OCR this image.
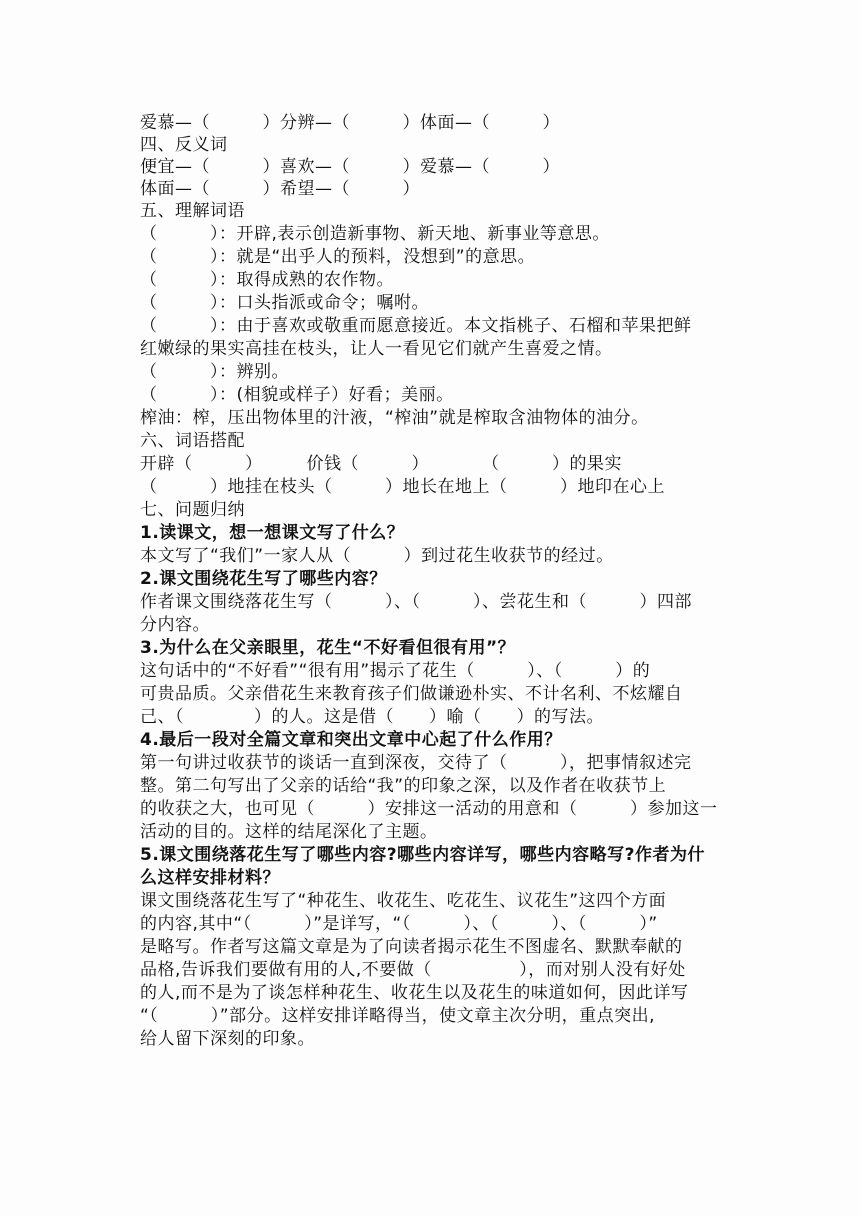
爱慕—（　　　）分辨—（　　　）体面—（　　　）
四、反义词
便宜—（　　　）喜欢—（　　　）爱慕—（　　　）
体面—（　　　）希望—（　　　）
五、理解词语
（　　　）：开辟,表示创造新事物、新天地、新事业等意思。
（　　　）：就是“出乎人的预料，没想到”的意思。
（　　　）：取得成熟的农作物。
（　　　）：口头指派或命令；嘱咐。
（　　　）：由于喜欢或敬重而愿意接近。本文指桃子、石榴和苹果把鲜
红嫩绿的果实高挂在枝头，让人一看见它们就产生喜爱之情。
（　　　）：辨别。
（　　　）：(相貌或样子）好看；美丽。
榨油：榨，压出物体里的汁液，“榨油”就是榨取含油物体的油分。
六、词语搭配
开辟（　　　）　　　价钱（　　　）　　　　（　　　）的果实
（　　　）地挂在枝头（　　　）地长在地上（　　　）地印在心上
七、问题归纳
1.读课文，想一想课文写了什么？
本文写了“我们”一家人从（　　　）到过花生收获节的经过。
2.课文围绕花生写了哪些内容？
作者课文围绕落花生写（　　　）、（　　　）、尝花生和（　　　）四部
分内容。
3.为什么在父亲眼里，花生“不好看但很有用”？
这句话中的“不好看”“很有用”揭示了花生（　　　）、（　　　）的
可贵品质。父亲借花生来教育孩子们做谦逊朴实、不计名利、不炫耀自
己、（　　　　）的人。这是借（　　）喻（　　）的写法。
4.最后一段对全篇文章和突出文章中心起了什么作用？
第一句讲过收获节的谈话一直到深夜，交待了（　　　），把事情叙述完
整。第二句写出了父亲的话给“我”的印象之深，以及作者在收获节上
的收获之大，也可见（　　　）安排这一活动的用意和（　　　）参加这一
活动的目的。这样的结尾深化了主题。
5.课文围绕落花生写了哪些内容?哪些内容详写，哪些内容略写?作者为什
么这样安排材料？
课文围绕落花生写了“种花生、收花生、吃花生、议花生”这四个方面
的内容,其中“（　　　）”是详写，“（　　　）、（　　　）、（　　　）”
是略写。作者写这篇文章是为了向读者揭示花生不图虚名、默默奉献的
品格,告诉我们要做有用的人,不要做（　　　　　），而对别人没有好处
的人,而不是为了谈怎样种花生、收花生以及花生的味道如何，因此详写
“（　　　）”部分。这样安排详略得当，使文章主次分明，重点突出,
给人留下深刻的印象。
